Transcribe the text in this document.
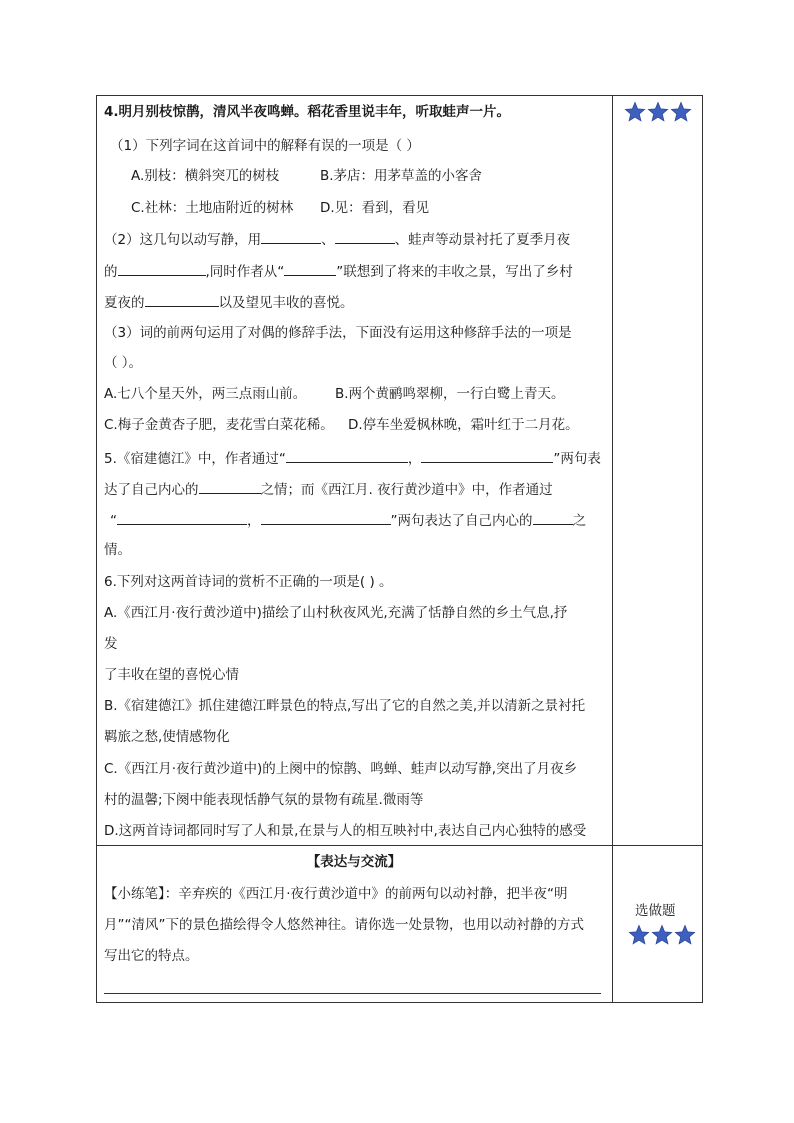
4.明月别枝惊鹊，清风半夜鸣蝉。稻花香里说丰年，听取蛙声一片。
（1）下列字词在这首词中的解释有误的一项是（ ）
A.别枝：横斜突兀的树枝	B.茅店：用茅草盖的小客舍
C.社林：土地庙附近的树林 D.见：看到，看见
（2）这几句以动写静，用	、	、蛙声等动景衬托了夏季月夜
的	,同时作者从“	”联想到了将来的丰收之景，写出了乡村
夏夜的	以及望见丰收的喜悦。
（3）词的前两句运用了对偶的修辞手法，下面没有运用这种修辞手法的一项是
（ ）。
A.七八个星天外，两三点雨山前。 B.两个黄鹂鸣翠柳，一行白鹭上青天。
C.梅子金黄杏子肥，麦花雪白菜花稀。 D.停车坐爱枫林晚，霜叶红于二月花。
5.《宿建德江》中，作者通过“	，	”两句表
达了自己内心的	之情；而《西江月. 夜行黄沙道中》中，作者通过
“	，	”两句表达了自己内心的	之
情。
6.下列对这两首诗词的赏析不正确的一项是( ) 。
A.《西江月·夜行黄沙道中)描绘了山村秋夜风光,充满了恬静自然的乡土气息,抒
发
了丰收在望的喜悦心情
B.《宿建德江》抓住建德江畔景色的特点,写出了它的自然之美,并以清新之景衬托
羁旅之愁,使情感物化
C.《西江月·夜行黄沙道中)的上阕中的惊鹊、鸣蝉、蛙声以动写静,突出了月夜乡
村的温馨;下阕中能表现恬静气氛的景物有疏星.微雨等
D.这两首诗词都同时写了人和景,在景与人的相互映衬中,表达自己内心独特的感受
【表达与交流】
【小练笔】：辛弃疾的《西江月·夜行黄沙道中》的前两句以动衬静，把半夜“明
月”“清风”下的景色描绘得令人悠然神往。请你选一处景物，也用以动衬静的方式
写出它的特点。
选做题
